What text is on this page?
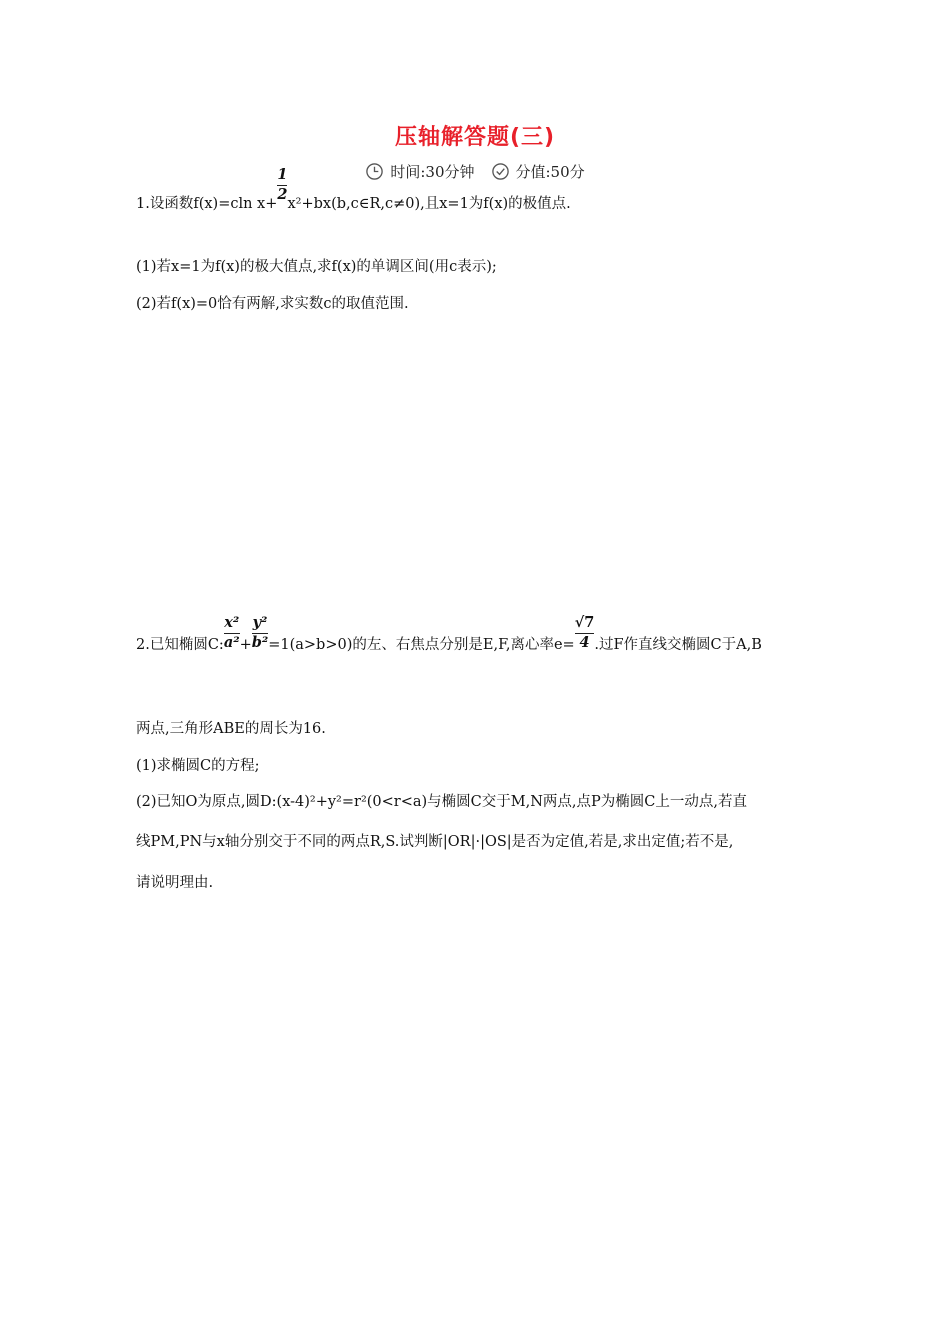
压轴解答题(三)
时间:30分钟	分值:50分
1.设函数f(x)=cln x+
$\frac{1}{2}$
x²+bx(b,c∈R,c≠0),且x=1为f(x)的极值点.
(1)若x=1为f(x)的极大值点,求f(x)的单调区间(用c表示);
(2)若f(x)=0恰有两解,求实数c的取值范围.
2.已知椭圆C: $\frac{\text{x²}}{\text{a²}} + \frac{\text{y²}}{\text{b²}} =1(a>b>0)$的左、右焦点分别是E,F,离心率$e= \frac{√7}{4}$ .过F作直线交椭圆C于A,B
两点,三角形ABE的周长为16.
(1)求椭圆C的方程;
(2)已知O为原点,圆D:(x-4)²+y²=r²(0<r<a)与椭圆C交于M,N两点,点P为椭圆C上一动点,若直
线PM,PN与x轴分别交于不同的两点R,S.试判断|OR|·|OS|是否为定值,若是,求出定值;若不是,
请说明理由.
